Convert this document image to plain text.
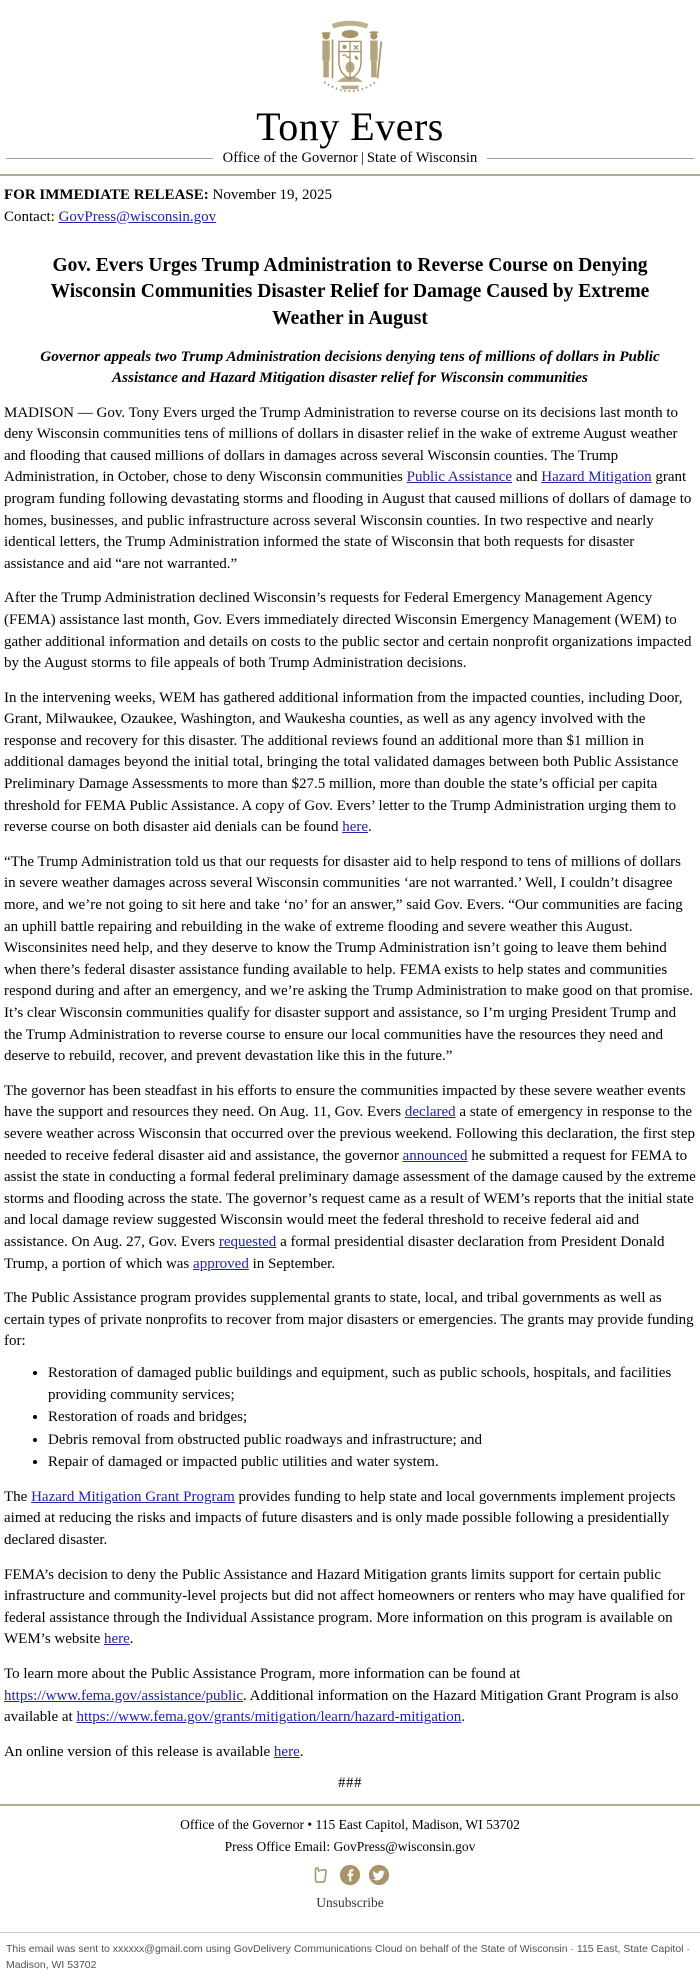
Tony Evers
Office of the Governor | State of Wisconsin
FOR IMMEDIATE RELEASE: November 19, 2025
Contact: GovPress@wisconsin.gov
Gov. Evers Urges Trump Administration to Reverse Course on Denying Wisconsin Communities Disaster Relief for Damage Caused by Extreme Weather in August
Governor appeals two Trump Administration decisions denying tens of millions of dollars in Public Assistance and Hazard Mitigation disaster relief for Wisconsin communities

MADISON — Gov. Tony Evers urged the Trump Administration to reverse course on its decisions last month to deny Wisconsin communities tens of millions of dollars in disaster relief in the wake of extreme August weather and flooding that caused millions of dollars in damages across several Wisconsin counties. The Trump Administration, in October, chose to deny Wisconsin communities Public Assistance and Hazard Mitigation grant program funding following devastating storms and flooding in August that caused millions of dollars of damage to homes, businesses, and public infrastructure across several Wisconsin counties. In two respective and nearly identical letters, the Trump Administration informed the state of Wisconsin that both requests for disaster assistance and aid “are not warranted.”

After the Trump Administration declined Wisconsin’s requests for Federal Emergency Management Agency (FEMA) assistance last month, Gov. Evers immediately directed Wisconsin Emergency Management (WEM) to gather additional information and details on costs to the public sector and certain nonprofit organizations impacted by the August storms to file appeals of both Trump Administration decisions.

In the intervening weeks, WEM has gathered additional information from the impacted counties, including Door, Grant, Milwaukee, Ozaukee, Washington, and Waukesha counties, as well as any agency involved with the response and recovery for this disaster. The additional reviews found an additional more than $1 million in additional damages beyond the initial total, bringing the total validated damages between both Public Assistance Preliminary Damage Assessments to more than $27.5 million, more than double the state’s official per capita threshold for FEMA Public Assistance. A copy of Gov. Evers’ letter to the Trump Administration urging them to reverse course on both disaster aid denials can be found here.

“The Trump Administration told us that our requests for disaster aid to help respond to tens of millions of dollars in severe weather damages across several Wisconsin communities ‘are not warranted.’ Well, I couldn’t disagree more, and we’re not going to sit here and take ‘no’ for an answer,” said Gov. Evers. “Our communities are facing an uphill battle repairing and rebuilding in the wake of extreme flooding and severe weather this August. Wisconsinites need help, and they deserve to know the Trump Administration isn’t going to leave them behind when there’s federal disaster assistance funding available to help. FEMA exists to help states and communities respond during and after an emergency, and we’re asking the Trump Administration to make good on that promise. It’s clear Wisconsin communities qualify for disaster support and assistance, so I’m urging President Trump and the Trump Administration to reverse course to ensure our local communities have the resources they need and deserve to rebuild, recover, and prevent devastation like this in the future.”

The governor has been steadfast in his efforts to ensure the communities impacted by these severe weather events have the support and resources they need. On Aug. 11, Gov. Evers declared a state of emergency in response to the severe weather across Wisconsin that occurred over the previous weekend. Following this declaration, the first step needed to receive federal disaster aid and assistance, the governor announced he submitted a request for FEMA to assist the state in conducting a formal federal preliminary damage assessment of the damage caused by the extreme storms and flooding across the state. The governor’s request came as a result of WEM’s reports that the initial state and local damage review suggested Wisconsin would meet the federal threshold to receive federal aid and assistance. On Aug. 27, Gov. Evers requested a formal presidential disaster declaration from President Donald Trump, a portion of which was approved in September.

The Public Assistance program provides supplemental grants to state, local, and tribal governments as well as certain types of private nonprofits to recover from major disasters or emergencies. The grants may provide funding for:

• Restoration of damaged public buildings and equipment, such as public schools, hospitals, and facilities providing community services;
• Restoration of roads and bridges;
• Debris removal from obstructed public roadways and infrastructure; and
• Repair of damaged or impacted public utilities and water system.

The Hazard Mitigation Grant Program provides funding to help state and local governments implement projects aimed at reducing the risks and impacts of future disasters and is only made possible following a presidentially declared disaster.

FEMA’s decision to deny the Public Assistance and Hazard Mitigation grants limits support for certain public infrastructure and community-level projects but did not affect homeowners or renters who may have qualified for federal assistance through the Individual Assistance program. More information on this program is available on WEM’s website here.

To learn more about the Public Assistance Program, more information can be found at https://www.fema.gov/assistance/public. Additional information on the Hazard Mitigation Grant Program is also available at https://www.fema.gov/grants/mitigation/learn/hazard-mitigation.

An online version of this release is available here.

###
Office of the Governor • 115 East Capitol, Madison, WI 53702
Press Office Email: GovPress@wisconsin.gov
Unsubscribe
This email was sent to xxxxxx@gmail.com using GovDelivery Communications Cloud on behalf of the State of Wisconsin · 115 East, State Capitol · Madison, WI 53702
